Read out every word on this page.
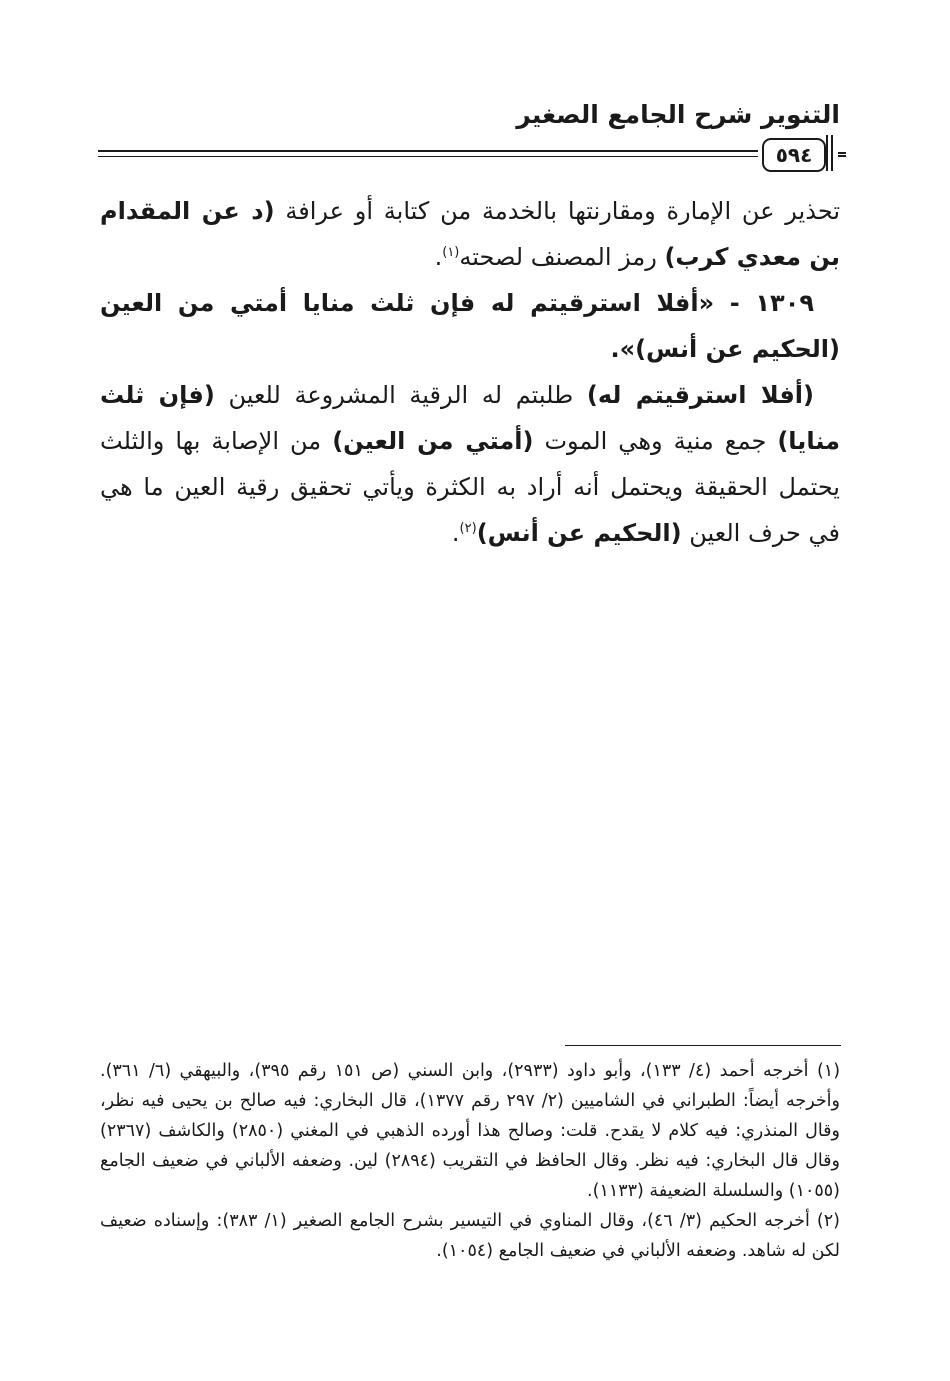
التنوير شرح الجامع الصغير
٥٩٤

تحذير عن الإمارة ومقارنتها بالخدمة من كتابة أو عرافة (د عن المقدام بن معدي كرب) رمز المصنف لصحته$^{(١)}$.

١٣٠٩ - «أفلا استرقيتم له فإن ثلث منايا أمتي من العين (الحكيم عن أنس)».

(أفلا استرقيتم له) طلبتم له الرقية المشروعة للعين (فإن ثلث منايا) جمع منية وهي الموت (أمتي من العين) من الإصابة بها والثلث يحتمل الحقيقة ويحتمل أنه أراد به الكثرة ويأتي تحقيق رقية العين ما هي في حرف العين (الحكيم عن أنس)$^{(٢)}$.

(١) أخرجه أحمد (٤/ ١٣٣)، وأبو داود (٢٩٣٣)، وابن السني (ص ١٥١ رقم ٣٩٥)، والبيهقي (٦/ ٣٦١). وأخرجه أيضاً: الطبراني في الشاميين (٢/ ٢٩٧ رقم ١٣٧٧)، قال البخاري: فيه صالح بن يحيى فيه نظر، وقال المنذري: فيه كلام لا يقدح. قلت: وصالح هذا أورده الذهبي في المغني (٢٨٥٠) والكاشف (٢٣٦٧) وقال قال البخاري: فيه نظر. وقال الحافظ في التقريب (٢٨٩٤) لين. وضعفه الألباني في ضعيف الجامع (١٠٥٥) والسلسلة الضعيفة (١١٣٣).

(٢) أخرجه الحكيم (٣/ ٤٦)، وقال المناوي في التيسير بشرح الجامع الصغير (١/ ٣٨٣): وإسناده ضعيف لكن له شاهد. وضعفه الألباني في ضعيف الجامع (١٠٥٤).
